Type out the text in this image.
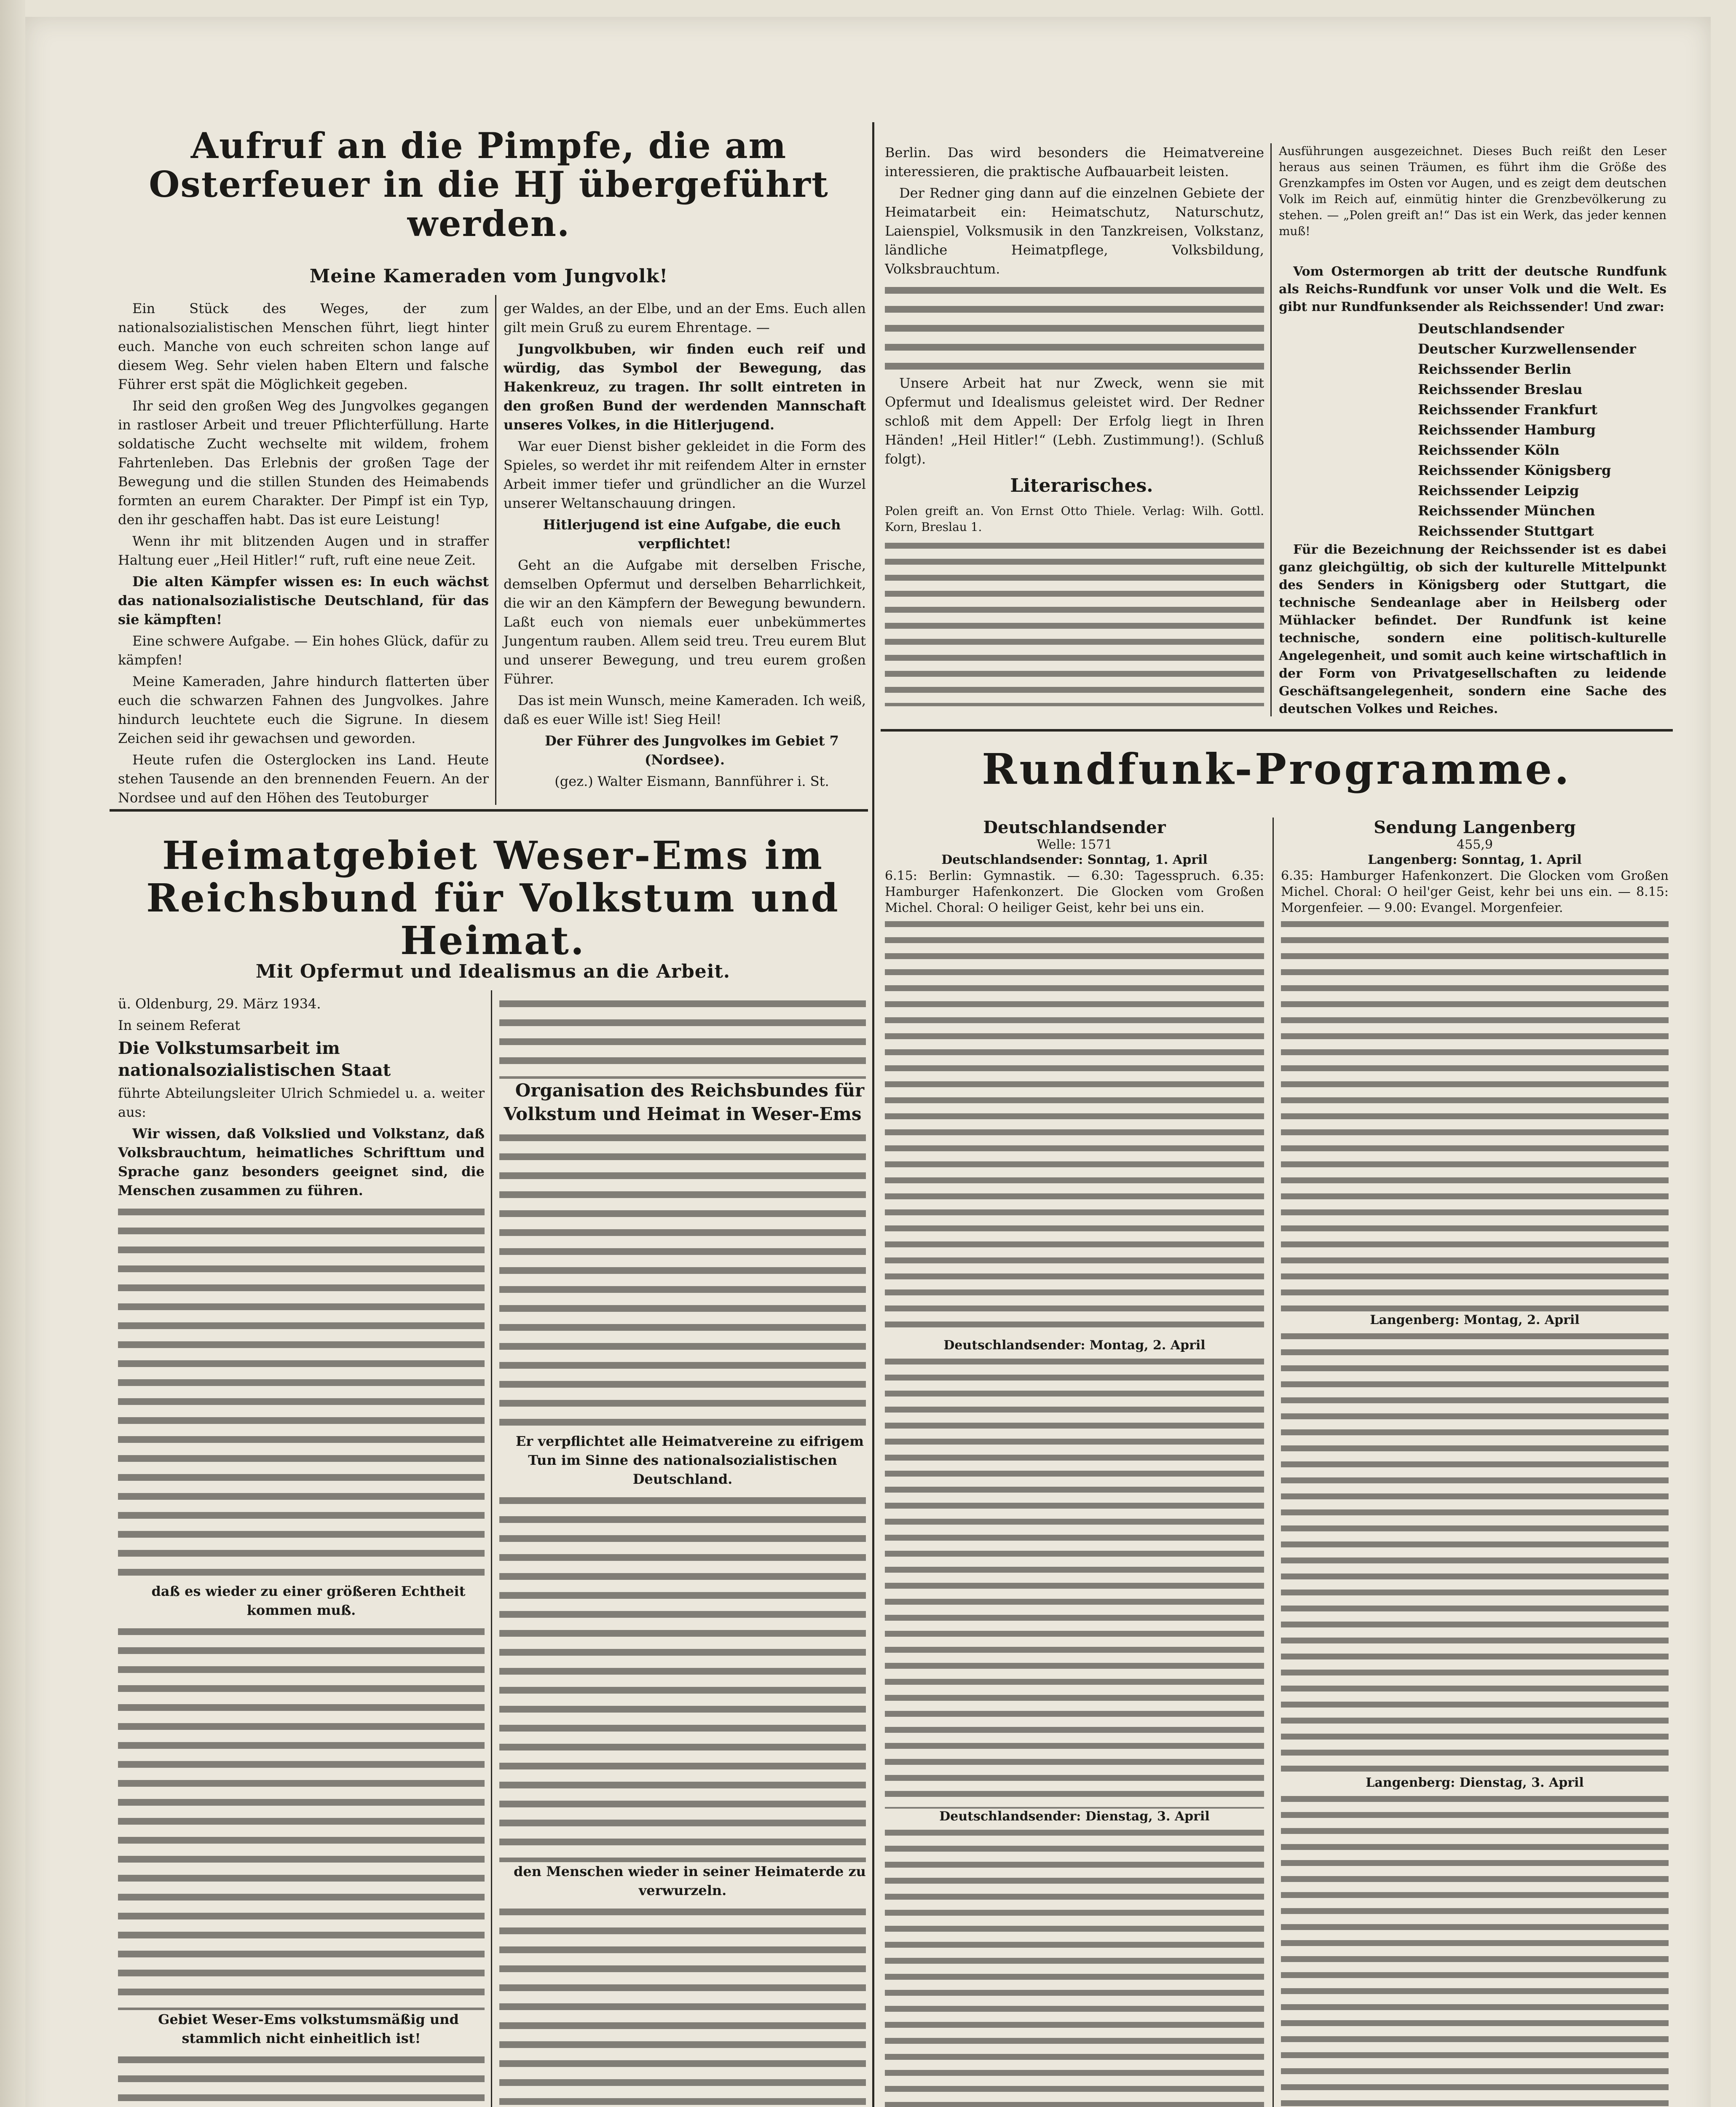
Aufruf an die Pimpfe, die am Osterfeuer in die HJ übergeführt werden.
Meine Kameraden vom Jungvolk!

Ein Stück des Weges, der zum nationalsozialistischen Menschen führt, liegt hinter euch. Manche von euch schreiten schon lange auf diesem Weg. Sehr vielen haben Eltern und falsche Führer erst spät die Möglichkeit gegeben.

Ihr seid den großen Weg des Jungvolkes gegangen in rastloser Arbeit und treuer Pflichterfüllung. Harte soldatische Zucht wechselte mit wildem, frohem Fahrtenleben. Das Erlebnis der großen Tage der Bewegung und die stillen Stunden des Heimabends formten an eurem Charakter. Der Pimpf ist ein Typ, den ihr geschaffen habt. Das ist eure Leistung!

Wenn ihr mit blitzenden Augen und in straffer Haltung euer „Heil Hitler!“ ruft, ruft eine neue Zeit.

Die alten Kämpfer wissen es: In euch wächst das nationalsozialistische Deutschland, für das sie kämpften!

Eine schwere Aufgabe. — Ein hohes Glück, dafür zu kämpfen!

Meine Kameraden, Jahre hindurch flatterten über euch die schwarzen Fahnen des Jungvolkes. Jahre hindurch leuchtete euch die Sigrune. In diesem Zeichen seid ihr gewachsen und geworden.

Heute rufen die Osterglocken ins Land. Heute stehen Tausende an den brennenden Feuern. An der Nordsee und auf den Höhen des Teutoburger

ger Waldes, an der Elbe, und an der Ems. Euch allen gilt mein Gruß zu eurem Ehrentage. —

Jungvolkbuben, wir finden euch reif und würdig, das Symbol der Bewegung, das Hakenkreuz, zu tragen. Ihr sollt eintreten in den großen Bund der werdenden Mannschaft unseres Volkes, in die Hitlerjugend.

War euer Dienst bisher gekleidet in die Form des Spieles, so werdet ihr mit reifendem Alter in ernster Arbeit immer tiefer und gründlicher an die Wurzel unserer Weltanschauung dringen.

Hitlerjugend ist eine Aufgabe, die euch verpflichtet!

Geht an die Aufgabe mit derselben Frische, demselben Opfermut und derselben Beharrlichkeit, die wir an den Kämpfern der Bewegung bewundern. Laßt euch von niemals euer unbekümmertes Jungentum rauben. Allem seid treu. Treu eurem Blut und unserer Bewegung, und treu eurem großen Führer.

Das ist mein Wunsch, meine Kameraden. Ich weiß, daß es euer Wille ist! Sieg Heil!

Der Führer des Jungvolkes im Gebiet 7 (Nordsee).

(gez.) Walter Eismann, Bannführer i. St.

Heimatgebiet Weser-Ems im Reichsbund für Volkstum und Heimat.
Mit Opfermut und Idealismus an die Arbeit.

ü. Oldenburg, 29. März 1934.

In seinem Referat

Die Volkstumsarbeit im nationalsozialistischen Staat

führte Abteilungsleiter Ulrich Schmiedel u. a. weiter aus:

Wir wissen, daß Volkslied und Volkstanz, daß Volksbrauchtum, heimatliches Schrifttum und Sprache ganz besonders geeignet sind, die Menschen zusammen zu führen.

daß es wieder zu einer größeren Echtheit kommen muß.

Gebiet Weser-Ems volkstumsmäßig und stammlich nicht einheitlich ist!

Organisation des Reichsbundes für Volkstum und Heimat in Weser-Ems

Er verpflichtet alle Heimatvereine zu eifrigem Tun im Sinne des nationalsozialistischen Deutschland.

den Menschen wieder in seiner Heimaterde zu verwurzeln.

Berlin. Das wird besonders die Heimatvereine interessieren, die praktische Aufbauarbeit leisten.

Der Redner ging dann auf die einzelnen Gebiete der Heimatarbeit ein: Heimatschutz, Naturschutz, Laienspiel, Volksmusik in den Tanzkreisen, Volkstanz, ländliche Heimatpflege, Volksbildung, Volksbrauchtum.

Unsere Arbeit hat nur Zweck, wenn sie mit Opfermut und Idealismus geleistet wird. Der Redner schloß mit dem Appell: Der Erfolg liegt in Ihren Händen! „Heil Hitler!“ (Lebh. Zustimmung!). (Schluß folgt).

Literarisches.

Polen greift an. Von Ernst Otto Thiele. Verlag: Wilh. Gottl. Korn, Breslau 1.

Ausführungen ausgezeichnet. Dieses Buch reißt den Leser heraus aus seinen Träumen, es führt ihm die Größe des Grenzkampfes im Osten vor Augen, und es zeigt dem deutschen Volk im Reich auf, einmütig hinter die Grenzbevölkerung zu stehen. — „Polen greift an!“ Das ist ein Werk, das jeder kennen muß!

Vom Ostermorgen ab tritt der deutsche Rundfunk als Reichs-Rundfunk vor unser Volk und die Welt. Es gibt nur Rundfunksender als Reichssender! Und zwar:

Deutschlandsender
Deutscher Kurzwellensender
Reichssender Berlin
Reichssender Breslau
Reichssender Frankfurt
Reichssender Hamburg
Reichssender Köln
Reichssender Königsberg
Reichssender Leipzig
Reichssender München
Reichssender Stuttgart

Für die Bezeichnung der Reichssender ist es dabei ganz gleichgültig, ob sich der kulturelle Mittelpunkt des Senders in Königsberg oder Stuttgart, die technische Sendeanlage aber in Heilsberg oder Mühlacker befindet. Der Rundfunk ist keine technische, sondern eine politisch-kulturelle Angelegenheit, und somit auch keine wirtschaftlich in der Form von Privatgesellschaften zu leidende Geschäftsangelegenheit, sondern eine Sache des deutschen Volkes und Reiches.

Rundfunk-Programme.
Deutschlandsender
Welle: 1571
Deutschlandsender: Sonntag, 1. April
6.15: Berlin: Gymnastik. — 6.30: Tagesspruch. 6.35: Hamburger Hafenkonzert. Die Glocken vom Großen Michel. Choral: O heiliger Geist, kehr bei uns ein.
Deutschlandsender: Montag, 2. April
Deutschlandsender: Dienstag, 3. April
Sendung Langenberg
455,9
Langenberg: Sonntag, 1. April
6.35: Hamburger Hafenkonzert. Die Glocken vom Großen Michel. Choral: O heil'ger Geist, kehr bei uns ein. — 8.15: Morgenfeier. — 9.00: Evangel. Morgenfeier.
Langenberg: Montag, 2. April
Langenberg: Dienstag, 3. April
